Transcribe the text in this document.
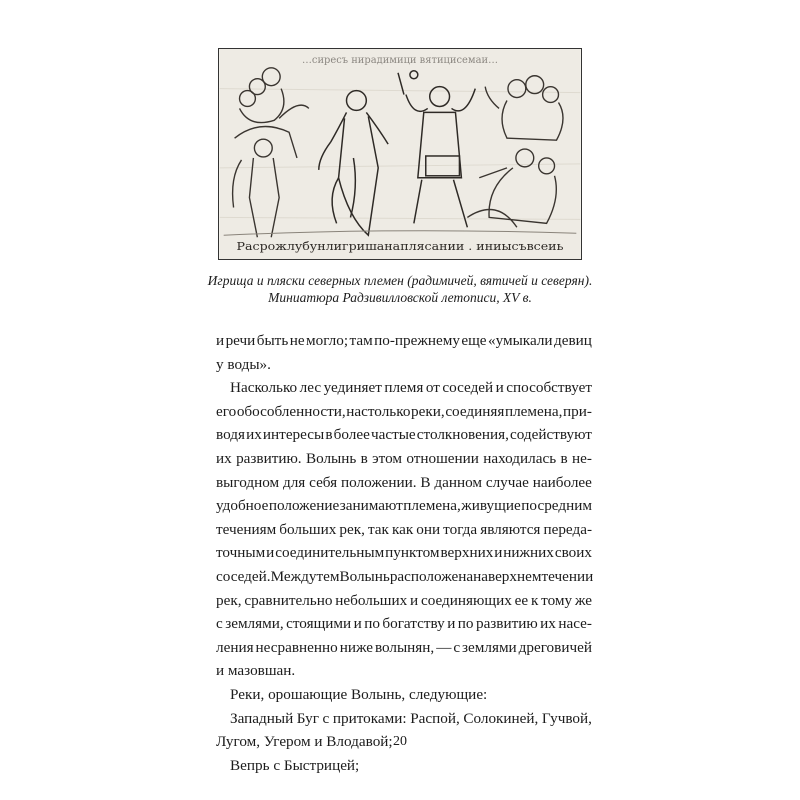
…сиресъ нирадимици вятицисемаи…
Расрожлубунлигришанаплясании . иниысъвсеиь
Игрища и пляски северных племен (радимичей, вятичей и северян).
Миниатюра Радзивилловской летописи, XV в.
и речи быть не могло; там по-прежнему еще «умыкали девиц
у воды».
Насколько лес уединяет племя от соседей и способствует
его обособленности, настолько реки, соединяя племена, при-
водя их интересы в более частые столкновения, содействуют
их развитию. Волынь в этом отношении находилась в не-
выгодном для себя положении. В данном случае наиболее
удобное положение занимают племена, живущие по средним
течениям больших рек, так как они тогда являются переда-
точным и соединительным пунктом верхних и нижних своих
соседей. Между тем Волынь расположена на верхнем течении
рек, сравнительно небольших и соединяющих ее к тому же
с землями, стоящими и по богатству и по развитию их насе-
ления несравненно ниже волынян, — с землями дреговичей
и мазовшан.
Реки, орошающие Волынь, следующие:
Западный Буг с притоками: Распой, Солокиней, Гучвой,
Лугом, Угером и Влодавой;
Вепрь с Быстрицей;
20
